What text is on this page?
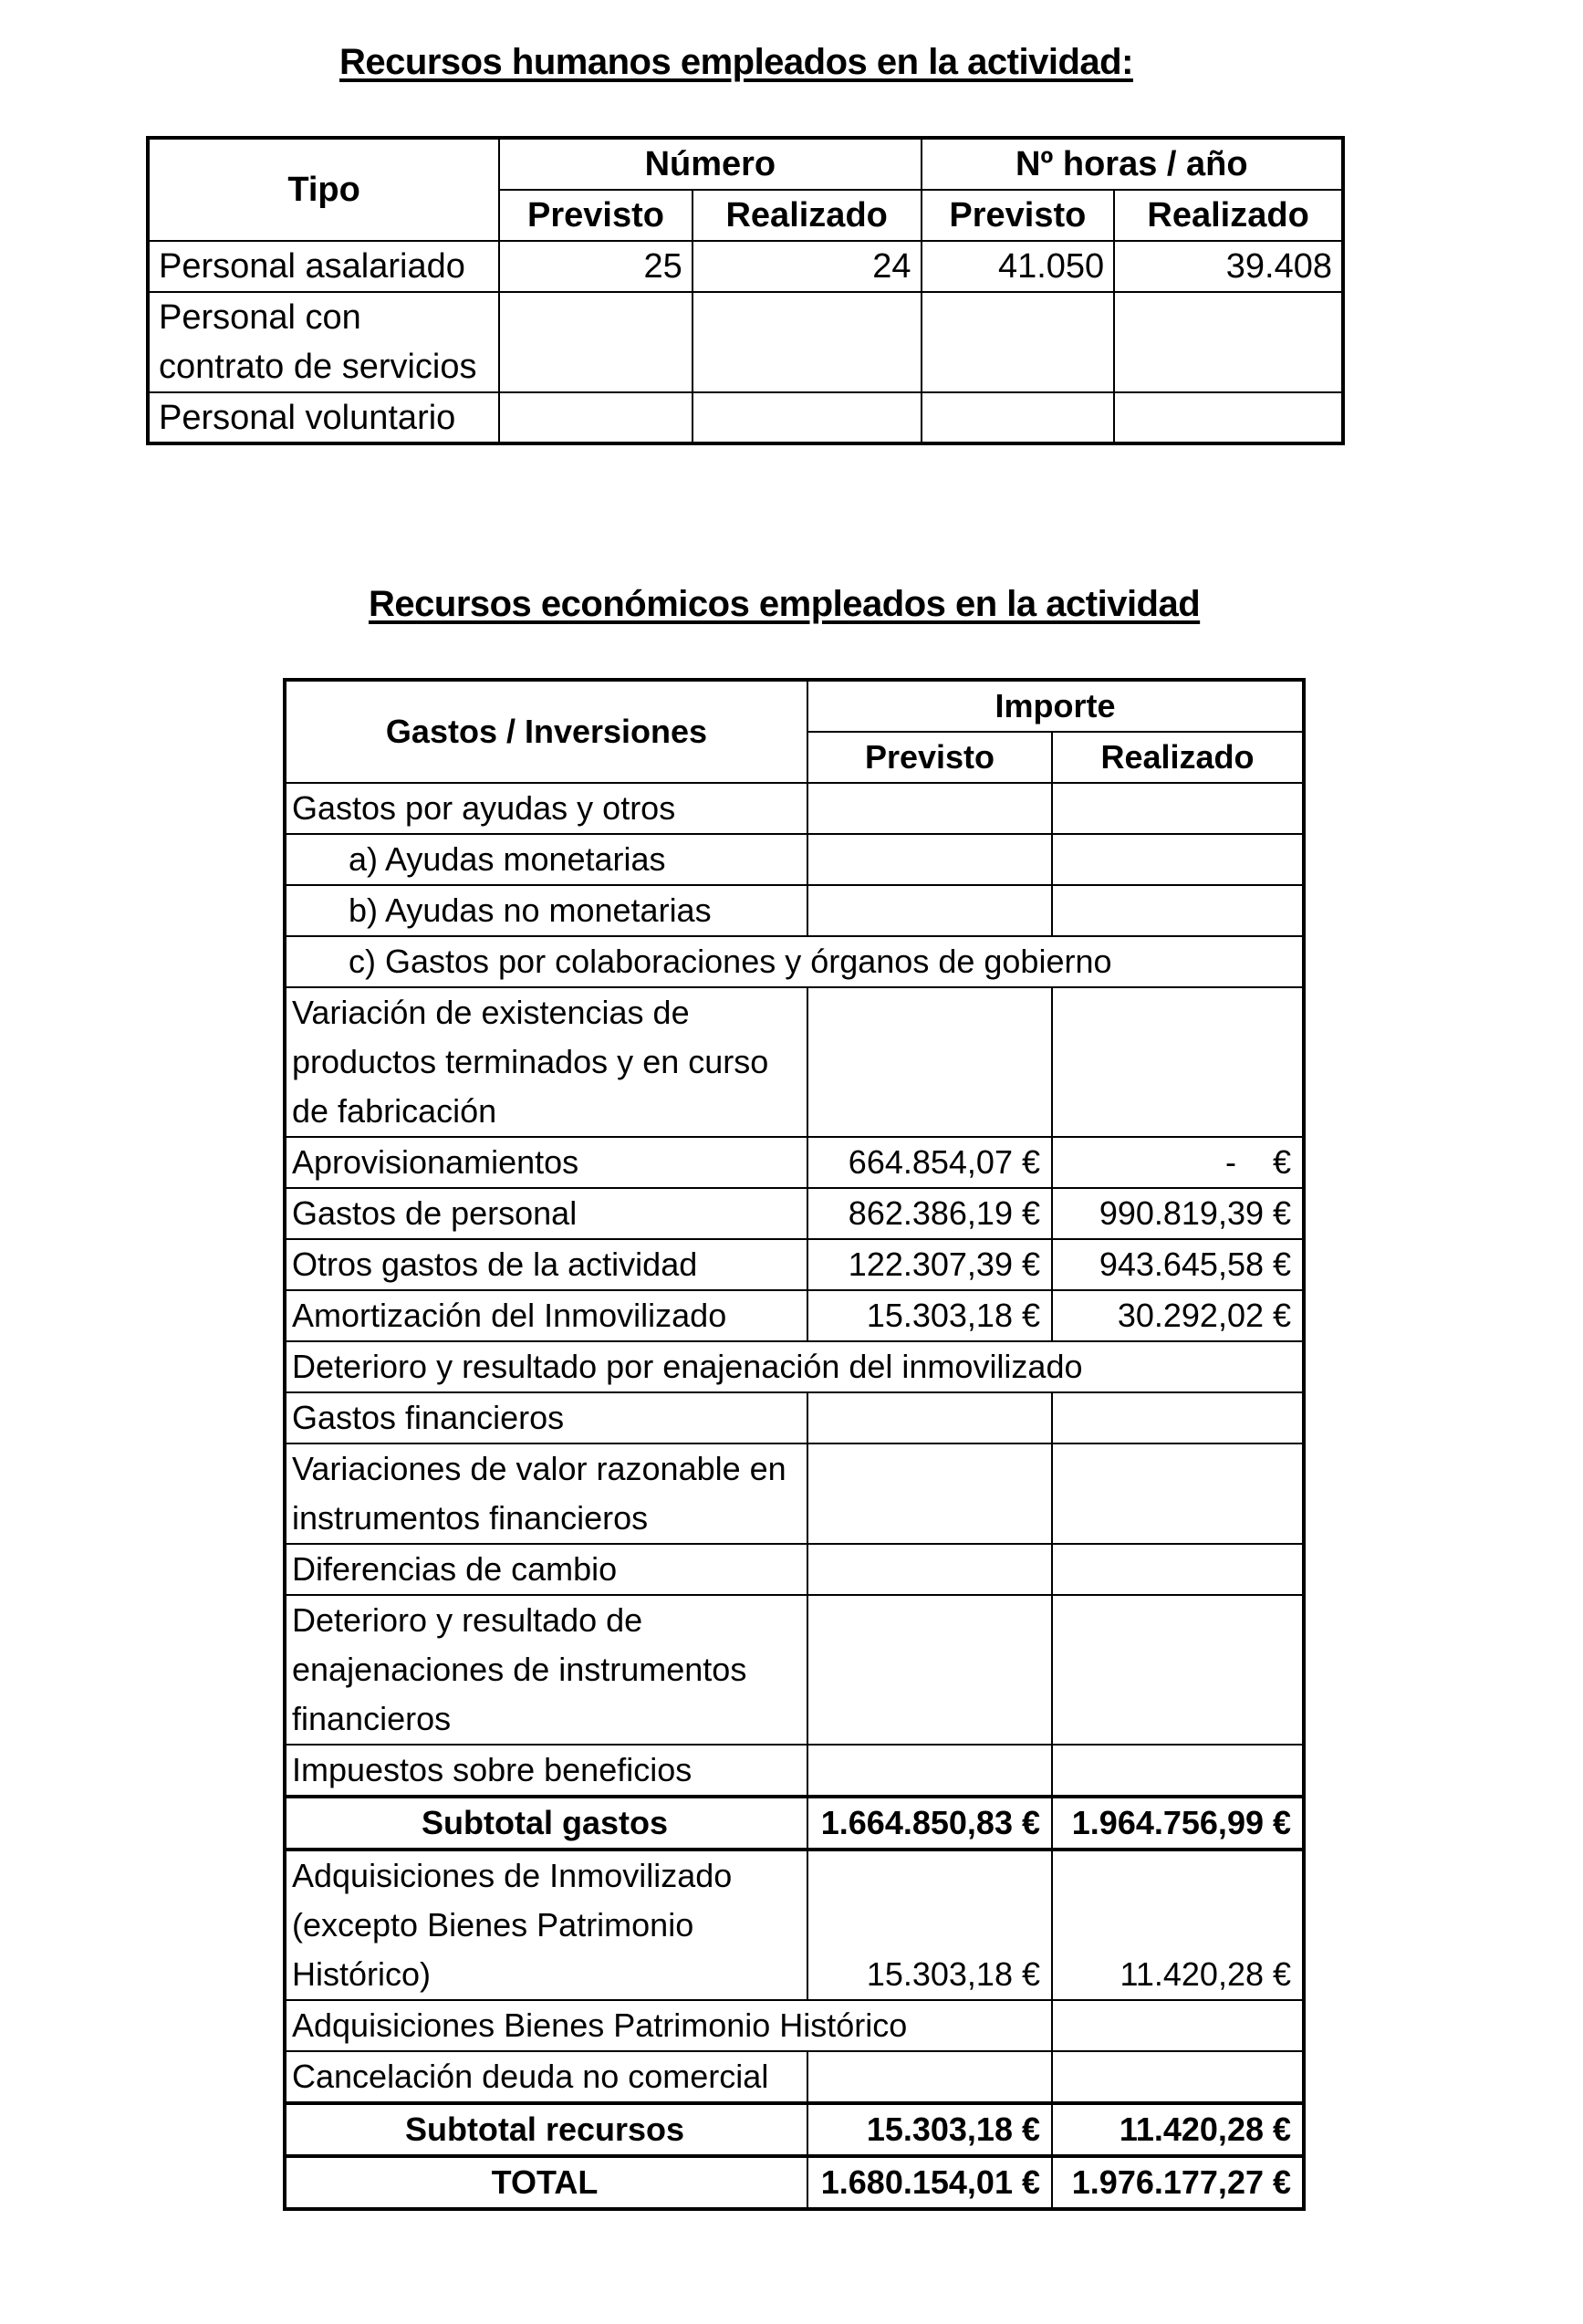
Recursos humanos empleados en la actividad:
Tipo	Número		Nº horas / año	
	Previsto	Realizado	Previsto	Realizado
Personal asalariado	25	24	41.050	39.408
Personal con contrato de servicios				
Personal voluntario				
Recursos económicos empleados en la actividad
Gastos / Inversiones	Importe	
	Previsto	Realizado
Gastos por ayudas y otros		
a) Ayudas monetarias		
b) Ayudas no monetarias		
c) Gastos por colaboraciones y órganos de gobierno		
Variación de existencias de productos terminados y en curso de fabricación		
Aprovisionamientos	664.854,07 €	-    €
Gastos de personal	862.386,19 €	990.819,39 €
Otros gastos de la actividad	122.307,39 €	943.645,58 €
Amortización del Inmovilizado	15.303,18 €	30.292,02 €
Deterioro y resultado por enajenación del inmovilizado		
Gastos financieros		
Variaciones de valor razonable en instrumentos financieros		
Diferencias de cambio		
Deterioro y resultado de enajenaciones de instrumentos financieros		
Impuestos sobre beneficios		
Subtotal gastos	1.664.850,83 €	1.964.756,99 €
Adquisiciones de Inmovilizado (excepto Bienes Patrimonio Histórico)	15.303,18 €	11.420,28 €
Adquisiciones Bienes Patrimonio Histórico		
Cancelación deuda no comercial		
Subtotal recursos	15.303,18 €	11.420,28 €
TOTAL	1.680.154,01 €	1.976.177,27 €
